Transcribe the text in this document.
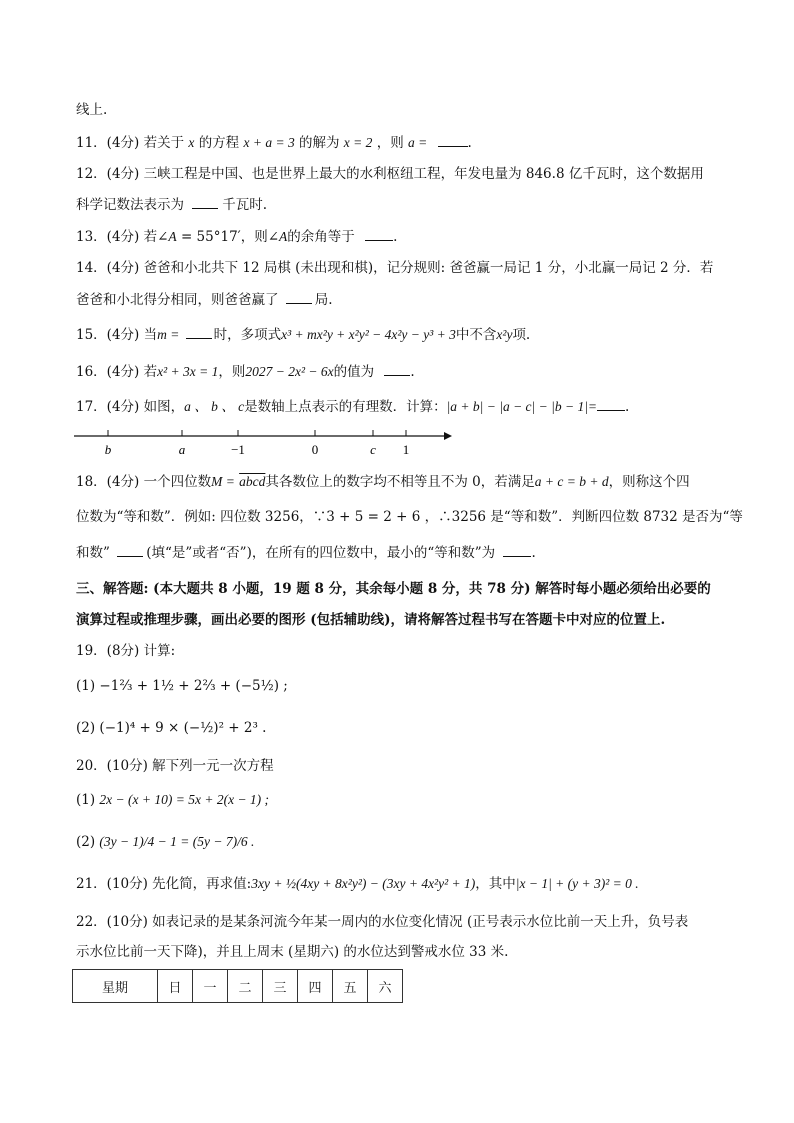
线上.
11．(4分) 若关于 x 的方程 x + a = 3 的解为 x = 2 ，则 a =	.
12．(4分) 三峡工程是中国、也是世界上最大的水利枢纽工程，年发电量为 846.8 亿千瓦时，这个数据用
科学记数法表示为	千瓦时.
13．(4分) 若∠A = 55°17′，则∠A的余角等于	.
14．(4分) 爸爸和小北共下 12 局棋 (未出现和棋)，记分规则: 爸爸赢一局记 1 分，小北赢一局记 2 分．若
爸爸和小北得分相同，则爸爸赢了	局.
15．(4分) 当m =	时，多项式x³ + mx²y + x²y² − 4x²y − y³ + 3中不含x²y项.
16．(4分) 若x² + 3x = 1，则2027 − 2x² − 6x的值为	.
17．(4分) 如图，a 、 b 、 c是数轴上点表示的有理数．计算：|a + b| − |a − c| − |b − 1|= .
b	a	−1	0	c 1
18．(4分) 一个四位数M = abcd其各数位上的数字均不相等且不为 0，若满足a + c = b + d，则称这个四
位数为“等和数”．例如: 四位数 3256，∵3 + 5 = 2 + 6 ，∴3256 是“等和数”．判断四位数 8732 是否为“等
和数”	(填“是”或者“否”)，在所有的四位数中，最小的“等和数”为	.
三、解答题: (本大题共 8 小题，19 题 8 分，其余每小题 8 分，共 78 分) 解答时每小题必须给出必要的
演算过程或推理步骤，画出必要的图形 (包括辅助线)，请将解答过程书写在答题卡中对应的位置上.
19．(8分) 计算:
(1) −1⅔ + 1½ + 2⅔ + (−5½) ;
(2) (−1)⁴ + 9 × (−½)² + 2³ .
20．(10分) 解下列一元一次方程
(1) 2x − (x + 10) = 5x + 2(x − 1) ;
(2) (3y − 1)/4 − 1 = (5y − 7)/6 .
21．(10分) 先化简，再求值:3xy + ½(4xy + 8x²y²) − (3xy + 4x²y² + 1)，其中|x − 1| + (y + 3)² = 0 .
22．(10分) 如表记录的是某条河流今年某一周内的水位变化情况 (正号表示水位比前一天上升，负号表
示水位比前一天下降)，并且上周末 (星期六) 的水位达到警戒水位 33 米.
星期	日	一	二	三	四	五	六
